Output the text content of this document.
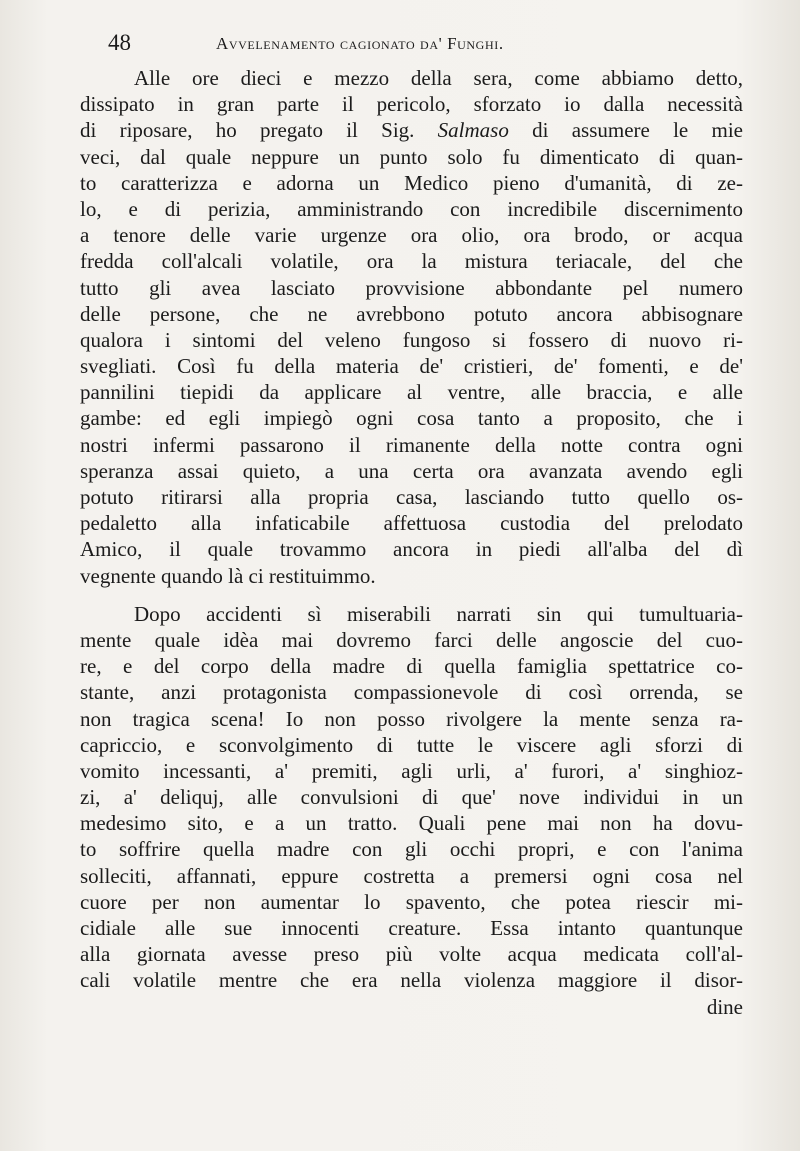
48	Avvelenamento cagionato da' Funghi.
Alle ore dieci e mezzo della sera, come abbiamo detto,
dissipato in gran parte il pericolo, sforzato io dalla necessità
di riposare, ho pregato il Sig. Salmaso di assumere le mie
veci, dal quale neppure un punto solo fu dimenticato di quan-
to caratterizza e adorna un Medico pieno d'umanità, di ze-
lo, e di perizia, amministrando con incredibile discernimento
a tenore delle varie urgenze ora olio, ora brodo, or acqua
fredda coll'alcali volatile, ora la mistura teriacale, del che
tutto gli avea lasciato provvisione abbondante pel numero
delle persone, che ne avrebbono potuto ancora abbisognare
qualora i sintomi del veleno fungoso si fossero di nuovo ri-
svegliati. Così fu della materia de' cristieri, de' fomenti, e de'
pannilini tiepidi da applicare al ventre, alle braccia, e alle
gambe: ed egli impiegò ogni cosa tanto a proposito, che i
nostri infermi passarono il rimanente della notte contra ogni
speranza assai quieto, a una certa ora avanzata avendo egli
potuto ritirarsi alla propria casa, lasciando tutto quello os-
pedaletto alla infaticabile affettuosa custodia del prelodato
Amico, il quale trovammo ancora in piedi all'alba del dì
vegnente quando là ci restituimmo.
Dopo accidenti sì miserabili narrati sin qui tumultuaria-
mente quale idèa mai dovremo farci delle angoscie del cuo-
re, e del corpo della madre di quella famiglia spettatrice co-
stante, anzi protagonista compassionevole di così orrenda, se
non tragica scena! Io non posso rivolgere la mente senza ra-
capriccio, e sconvolgimento di tutte le viscere agli sforzi di
vomito incessanti, a' premiti, agli urli, a' furori, a' singhioz-
zi, a' deliquj, alle convulsioni di que' nove individui in un
medesimo sito, e a un tratto. Quali pene mai non ha dovu-
to soffrire quella madre con gli occhi propri, e con l'anima
solleciti, affannati, eppure costretta a premersi ogni cosa nel
cuore per non aumentar lo spavento, che potea riescir mi-
cidiale alle sue innocenti creature. Essa intanto quantunque
alla giornata avesse preso più volte acqua medicata coll'al-
cali volatile mentre che era nella violenza maggiore il disor-
dine
